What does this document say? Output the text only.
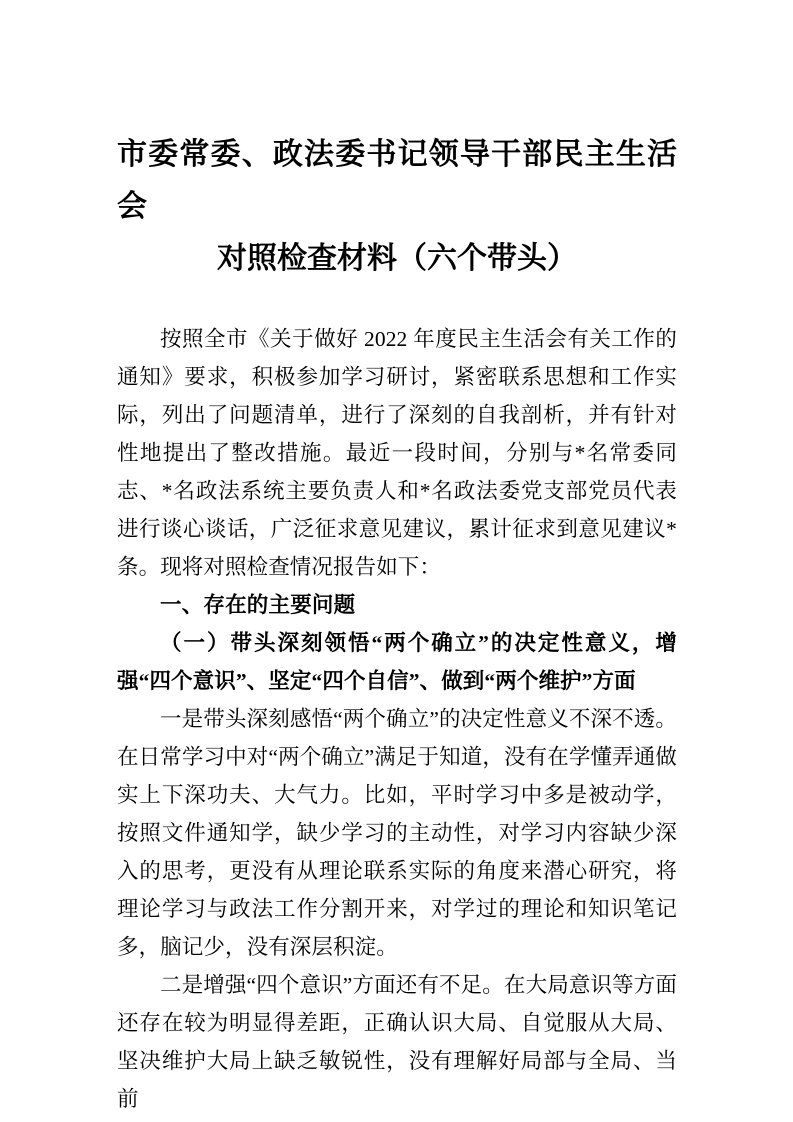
市委常委、政法委书记领导干部民主生活会
对照检查材料（六个带头）

按照全市《关于做好 2022 年度民主生活会有关工作的通知》要求，积极参加学习研讨，紧密联系思想和工作实际，列出了问题清单，进行了深刻的自我剖析，并有针对性地提出了整改措施。最近一段时间，分别与*名常委同志、*名政法系统主要负责人和*名政法委党支部党员代表进行谈心谈话，广泛征求意见建议，累计征求到意见建议*条。现将对照检查情况报告如下：

一、存在的主要问题

（一）带头深刻领悟“两个确立”的决定性意义，增强“四个意识”、坚定“四个自信”、做到“两个维护”方面

一是带头深刻感悟“两个确立”的决定性意义不深不透。在日常学习中对“两个确立”满足于知道，没有在学懂弄通做实上下深功夫、大气力。比如，平时学习中多是被动学，按照文件通知学，缺少学习的主动性，对学习内容缺少深入的思考，更没有从理论联系实际的角度来潜心研究，将理论学习与政法工作分割开来，对学过的理论和知识笔记多，脑记少，没有深层积淀。

二是增强“四个意识”方面还有不足。在大局意识等方面还存在较为明显得差距，正确认识大局、自觉服从大局、坚决维护大局上缺乏敏锐性，没有理解好局部与全局、当前
